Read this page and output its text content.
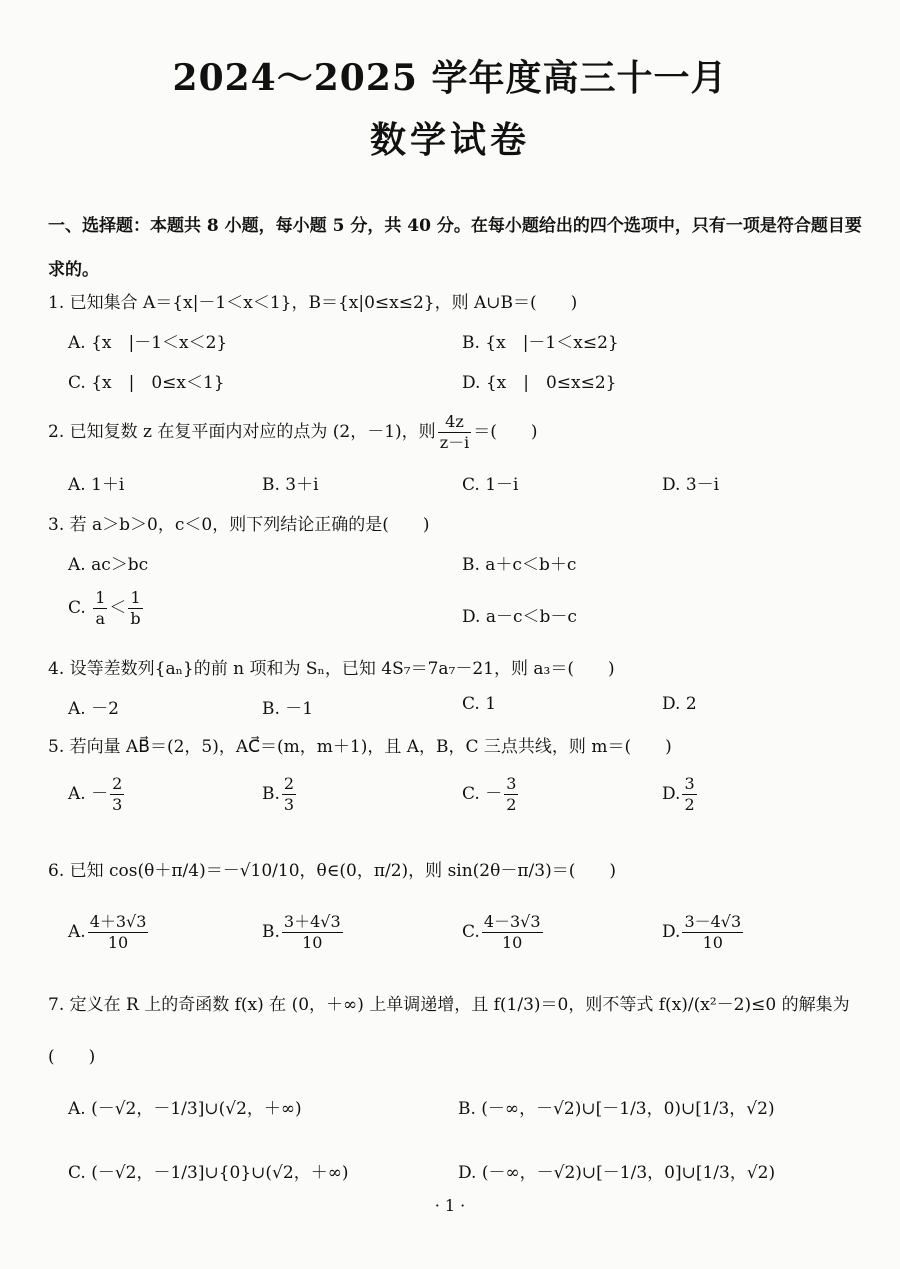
2024～2025 学年度高三十一月
数学试卷
一、选择题：本题共 8 小题，每小题 5 分，共 40 分。在每小题给出的四个选项中，只有一项是符合题目要求的。
1. 已知集合 A＝{x|－1＜x＜1}，B＝{x|0≤x≤2}，则 A∪B＝(　　)
A. {x　|－1＜x＜2}	B. {x　|－1＜x≤2}
C. {x　|　0≤x＜1}	D. {x　|　0≤x≤2}
2. 已知复数 z 在复平面内对应的点为 (2，－1)，则 $\frac{4z}{z-i}$ ＝(　　)
A. 1＋i	B. 3＋i	C. 1－i	D. 3－i
3. 若 a＞b＞0，c＜0，则下列结论正确的是(　　)
A. ac＞bc	B. a＋c＜b＋c
C. $\frac{1}{a} < \frac{1}{b}$	D. a－c＜b－c
4. 设等差数列{aₙ}的前 n 项和为 Sₙ，已知 4S₇＝7a₇－21，则 a₃＝(　　)
A. －2	B. －1	C. 1	D. 2
5. 若向量 AB⃗＝(2，5)，AC⃗＝(m，m＋1)，且 A，B，C 三点共线，则 m＝(　　)
A. － $\frac{2}{3}$	B. $\frac{2}{3}$	C. － $\frac{3}{2}$	D. $\frac{3}{2}$
6. 已知 cos(θ＋π/4)＝－√10/10，θ∈(0，π/2)，则 sin(2θ－π/3)＝(　　)
A. $\frac{4+3√3}{10}$	B. $\frac{3+4√3}{10}$	C. $\frac{4-3√3}{10}$	D. $\frac{3-4√3}{10}$
7. 定义在 R 上的奇函数 f(x) 在 (0，＋∞) 上单调递增，且 f(1/3)＝0，则不等式 f(x)/(x²－2)≤0 的解集为
(　　)
A. (－√2，－1/3]∪(√2，＋∞)	B. (－∞，－√2)∪[－1/3，0)∪[1/3，√2)
C. (－√2，－1/3]∪{0}∪(√2，＋∞)	D. (－∞，－√2)∪[－1/3，0]∪[1/3，√2)
· 1 ·
